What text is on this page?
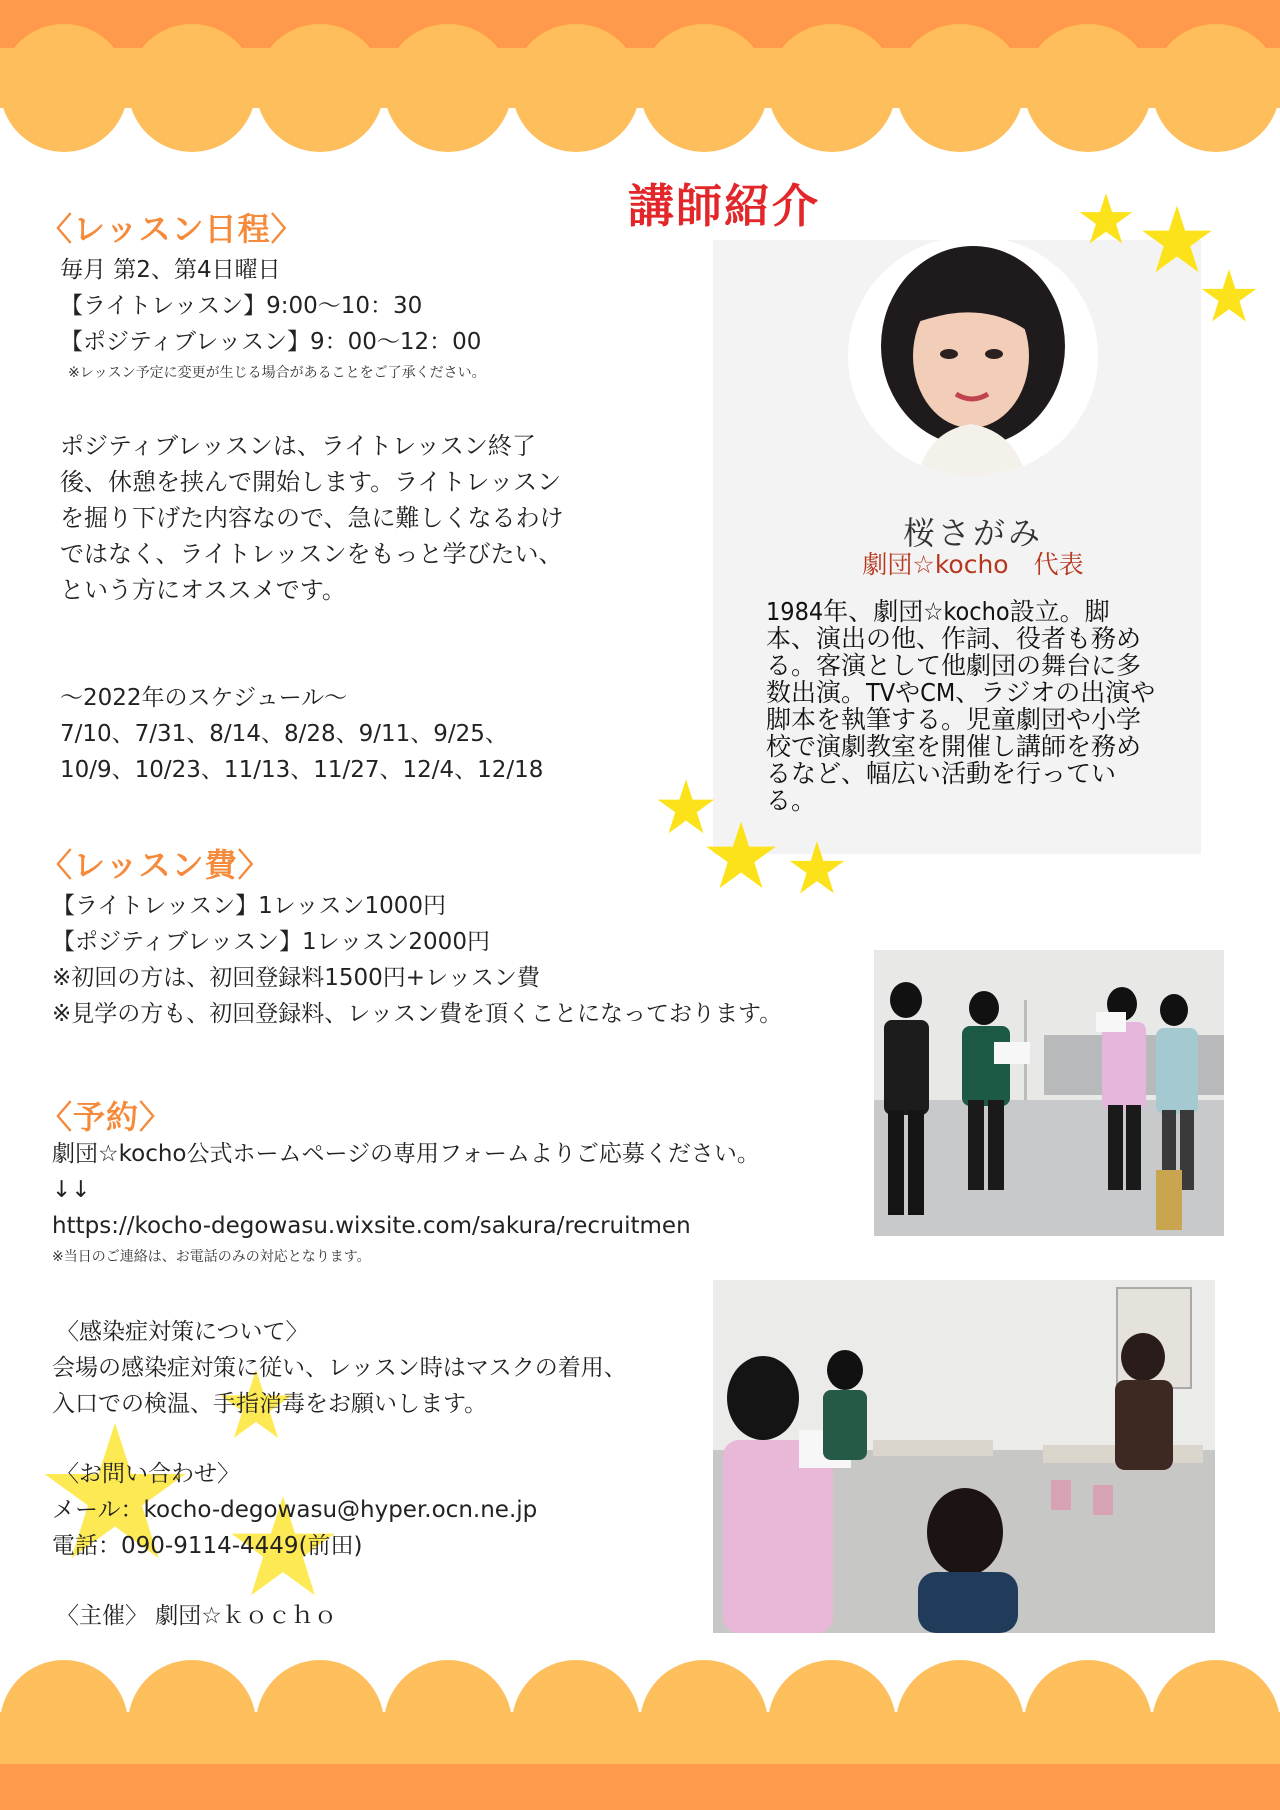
〈レッスン日程〉
毎月 第2、第4日曜日
【ライトレッスン】9:00〜10：30
【ポジティブレッスン】9：00〜12：00
※レッスン予定に変更が生じる場合があることをご了承ください。
ポジティブレッスンは、ライトレッスン終了後、休憩を挟んで開始します。ライトレッスンを掘り下げた内容なので、急に難しくなるわけではなく、ライトレッスンをもっと学びたい、という方にオススメです。
〜2022年のスケジュール〜
7/10、7/31、8/14、8/28、9/11、9/25、
10/9、10/23、11/13、11/27、12/4、12/18
〈レッスン費〉
【ライトレッスン】1レッスン1000円
【ポジティブレッスン】1レッスン2000円
※初回の方は、初回登録料1500円+レッスン費
※見学の方も、初回登録料、レッスン費を頂くことになっております。
〈予約〉
劇団☆kocho公式ホームページの専用フォームよりご応募ください。
↓↓
https://kocho-degowasu.wixsite.com/sakura/recruitmen
※当日のご連絡は、お電話のみの対応となります。
〈感染症対策について〉
会場の感染症対策に従い、レッスン時はマスクの着用、
入口での検温、手指消毒をお願いします。
〈お問い合わせ〉
メール：kocho-degowasu@hyper.ocn.ne.jp
電話：090-9114-4449(前田)
〈主催〉 劇団☆ｋｏｃｈｏ
講師紹介
桜さがみ
劇団☆kocho　代表
1984年、劇団☆kocho設立。脚本、演出の他、作詞、役者も務める。客演として他劇団の舞台に多数出演。TVやCM、ラジオの出演や脚本を執筆する。児童劇団や小学校で演劇教室を開催し講師を務めるなど、幅広い活動を行っている。
